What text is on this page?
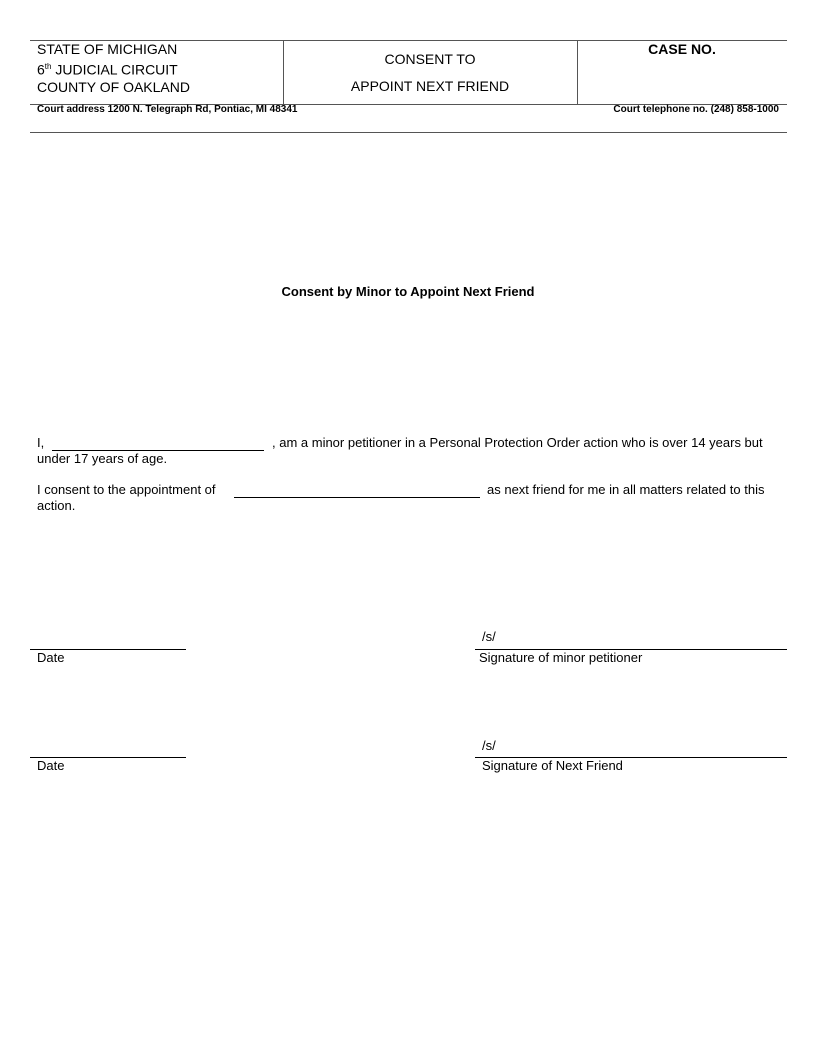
STATE OF MICHIGAN
6th JUDICIAL CIRCUIT
COUNTY OF OAKLAND
CONSENT TO
APPOINT NEXT FRIEND
CASE NO.
Court address 1200 N. Telegraph Rd, Pontiac, MI 48341	Court telephone no. (248) 858-1000
Consent by Minor to Appoint Next Friend
I,	, am a minor petitioner in a Personal Protection Order action who is over 14 years but
under 17 years of age.
I consent to the appointment of	as next friend for me in all matters related to this
action.
Date
/s/
Signature of minor petitioner
Date
/s/
Signature of Next Friend
